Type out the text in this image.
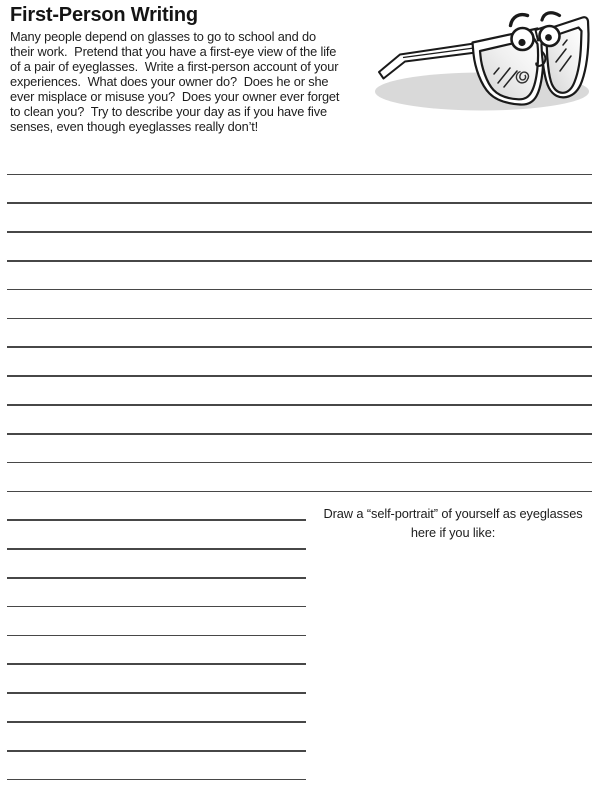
First-Person Writing
Many people depend on glasses to go to school and do
their work.  Pretend that you have a first-eye view of the life
of a pair of eyeglasses.  Write a first-person account of your
experiences.  What does your owner do?  Does he or she
ever misplace or misuse you?  Does your owner ever forget
to clean you?  Try to describe your day as if you have five
senses, even though eyeglasses really don’t!
Draw a “self-portrait” of yourself as eyeglasses
here if you like:
